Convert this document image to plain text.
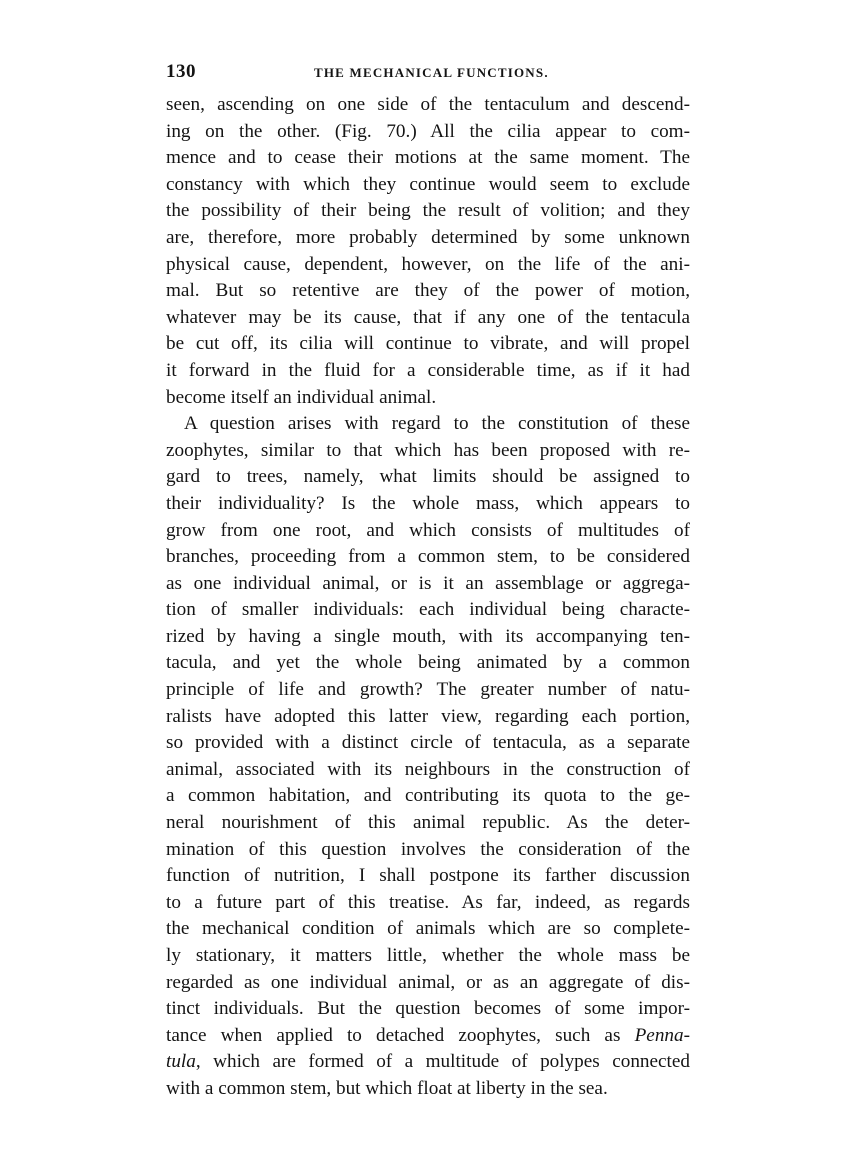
130	THE MECHANICAL FUNCTIONS.
seen, ascending on one side of the tentaculum and descend-
ing on the other. (Fig. 70.) All the cilia appear to com-
mence and to cease their motions at the same moment. The
constancy with which they continue would seem to exclude
the possibility of their being the result of volition; and they
are, therefore, more probably determined by some unknown
physical cause, dependent, however, on the life of the ani-
mal. But so retentive are they of the power of motion,
whatever may be its cause, that if any one of the tentacula
be cut off, its cilia will continue to vibrate, and will propel
it forward in the fluid for a considerable time, as if it had
become itself an individual animal.
A question arises with regard to the constitution of these
zoophytes, similar to that which has been proposed with re-
gard to trees, namely, what limits should be assigned to
their individuality? Is the whole mass, which appears to
grow from one root, and which consists of multitudes of
branches, proceeding from a common stem, to be considered
as one individual animal, or is it an assemblage or aggrega-
tion of smaller individuals: each individual being characte-
rized by having a single mouth, with its accompanying ten-
tacula, and yet the whole being animated by a common
principle of life and growth? The greater number of natu-
ralists have adopted this latter view, regarding each portion,
so provided with a distinct circle of tentacula, as a separate
animal, associated with its neighbours in the construction of
a common habitation, and contributing its quota to the ge-
neral nourishment of this animal republic. As the deter-
mination of this question involves the consideration of the
function of nutrition, I shall postpone its farther discussion
to a future part of this treatise. As far, indeed, as regards
the mechanical condition of animals which are so complete-
ly stationary, it matters little, whether the whole mass be
regarded as one individual animal, or as an aggregate of dis-
tinct individuals. But the question becomes of some impor-
tance when applied to detached zoophytes, such as Penna-
tula, which are formed of a multitude of polypes connected
with a common stem, but which float at liberty in the sea.
